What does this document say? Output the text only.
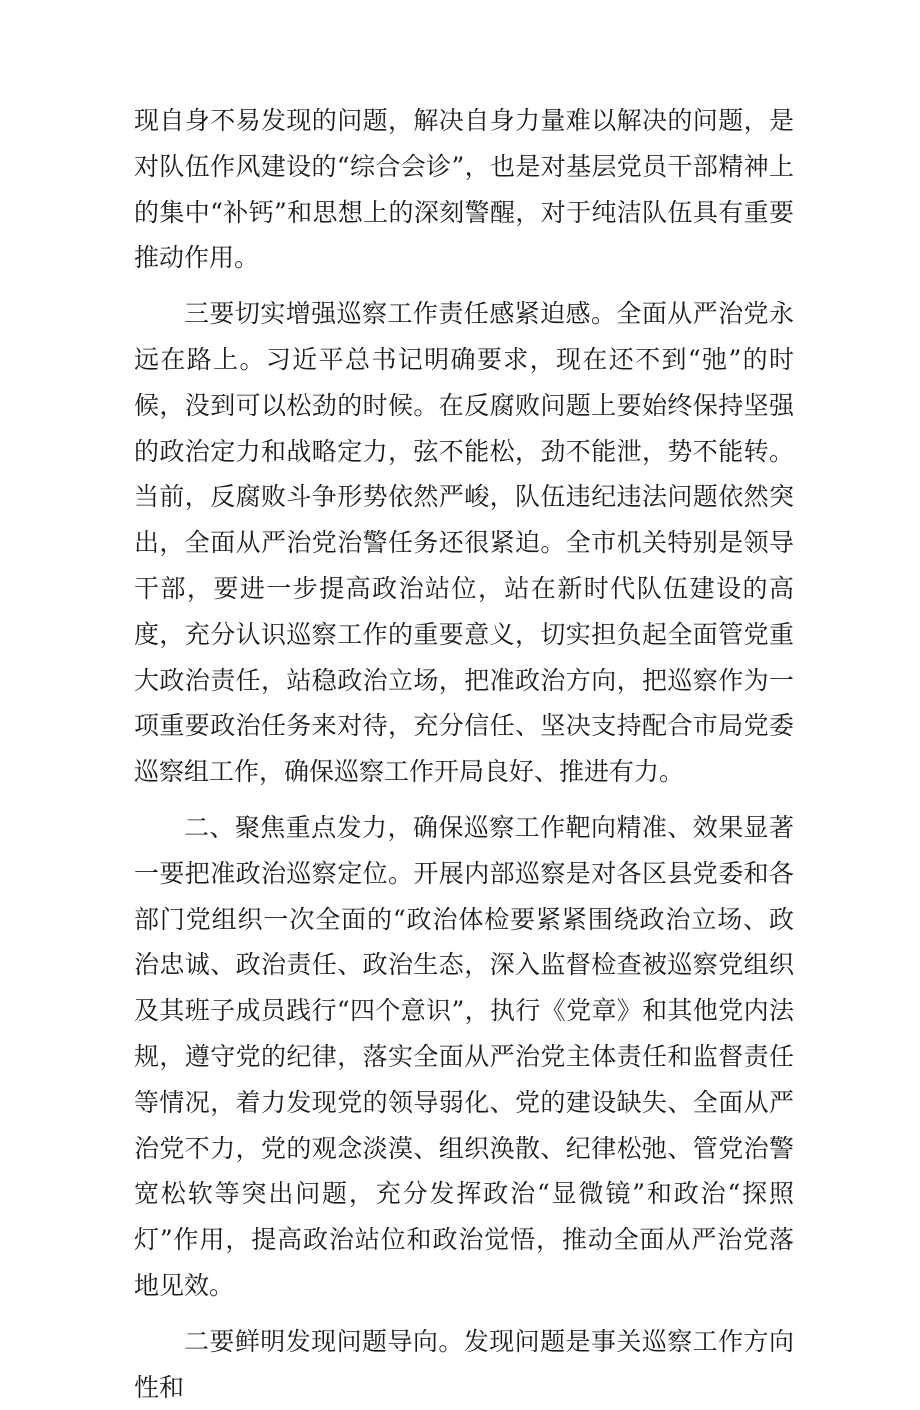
现自身不易发现的问题，解决自身力量难以解决的问题，是对队伍作风建设的“综合会诊”，也是对基层党员干部精神上的集中“补钙”和思想上的深刻警醒，对于纯洁队伍具有重要推动作用。

三要切实增强巡察工作责任感紧迫感。全面从严治党永远在路上。习近平总书记明确要求，现在还不到“弛”的时候，没到可以松劲的时候。在反腐败问题上要始终保持坚强的政治定力和战略定力，弦不能松，劲不能泄，势不能转。当前，反腐败斗争形势依然严峻，队伍违纪违法问题依然突出，全面从严治党治警任务还很紧迫。全市机关特别是领导干部，要进一步提高政治站位，站在新时代队伍建设的高度，充分认识巡察工作的重要意义，切实担负起全面管党重大政治责任，站稳政治立场，把准政治方向，把巡察作为一项重要政治任务来对待，充分信任、坚决支持配合市局党委巡察组工作，确保巡察工作开局良好、推进有力。

二、聚焦重点发力，确保巡察工作靶向精准、效果显著一要把准政治巡察定位。开展内部巡察是对各区县党委和各部门党组织一次全面的“政治体检要紧紧围绕政治立场、政治忠诚、政治责任、政治生态，深入监督检查被巡察党组织及其班子成员践行“四个意识”，执行《党章》和其他党内法规，遵守党的纪律，落实全面从严治党主体责任和监督责任等情况，着力发现党的领导弱化、党的建设缺失、全面从严治党不力，党的观念淡漠、组织涣散、纪律松弛、管党治警宽松软等突出问题，充分发挥政治“显微镜”和政治“探照灯”作用，提高政治站位和政治觉悟，推动全面从严治党落地见效。

二要鲜明发现问题导向。发现问题是事关巡察工作方向性和
